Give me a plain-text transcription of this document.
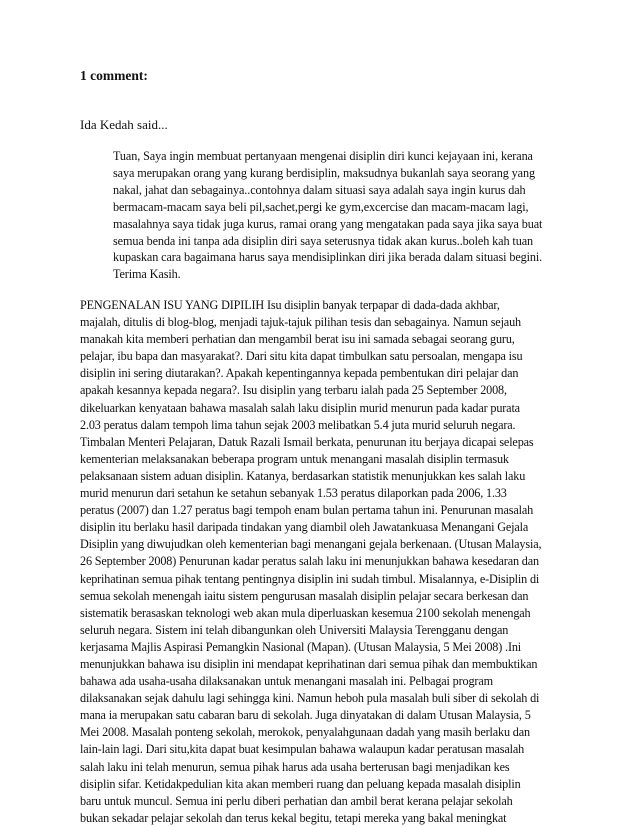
1 comment:

Ida Kedah said...

Tuan, Saya ingin membuat pertanyaan mengenai disiplin diri kunci kejayaan ini, kerana
saya merupakan orang yang kurang berdisiplin, maksudnya bukanlah saya seorang yang
nakal, jahat dan sebagainya..contohnya dalam situasi saya adalah saya ingin kurus dah
bermacam-macam saya beli pil,sachet,pergi ke gym,excercise dan macam-macam lagi,
masalahnya saya tidak juga kurus, ramai orang yang mengatakan pada saya jika saya buat
semua benda ini tanpa ada disiplin diri saya seterusnya tidak akan kurus..boleh kah tuan
kupaskan cara bagaimana harus saya mendisiplinkan diri jika berada dalam situasi begini.
Terima Kasih.
PENGENALAN ISU YANG DIPILIH Isu disiplin banyak terpapar di dada-dada akhbar,
majalah, ditulis di blog-blog, menjadi tajuk-tajuk pilihan tesis dan sebagainya. Namun sejauh
manakah kita memberi perhatian dan mengambil berat isu ini samada sebagai seorang guru,
pelajar, ibu bapa dan masyarakat?. Dari situ kita dapat timbulkan satu persoalan, mengapa isu
disiplin ini sering diutarakan?. Apakah kepentingannya kepada pembentukan diri pelajar dan
apakah kesannya kepada negara?. Isu disiplin yang terbaru ialah pada 25 September 2008,
dikeluarkan kenyataan bahawa masalah salah laku disiplin murid menurun pada kadar purata
2.03 peratus dalam tempoh lima tahun sejak 2003 melibatkan 5.4 juta murid seluruh negara.
Timbalan Menteri Pelajaran, Datuk Razali Ismail berkata, penurunan itu berjaya dicapai selepas
kementerian melaksanakan beberapa program untuk menangani masalah disiplin termasuk
pelaksanaan sistem aduan disiplin. Katanya, berdasarkan statistik menunjukkan kes salah laku
murid menurun dari setahun ke setahun sebanyak 1.53 peratus dilaporkan pada 2006, 1.33
peratus (2007) dan 1.27 peratus bagi tempoh enam bulan pertama tahun ini. Penurunan masalah
disiplin itu berlaku hasil daripada tindakan yang diambil oleh Jawatankuasa Menangani Gejala
Disiplin yang diwujudkan oleh kementerian bagi menangani gejala berkenaan. (Utusan Malaysia,
26 September 2008) Penurunan kadar peratus salah laku ini menunjukkan bahawa kesedaran dan
keprihatinan semua pihak tentang pentingnya disiplin ini sudah timbul. Misalannya, e-Disiplin di
semua sekolah menengah iaitu sistem pengurusan masalah disiplin pelajar secara berkesan dan
sistematik berasaskan teknologi web akan mula diperluaskan kesemua 2100 sekolah menengah
seluruh negara. Sistem ini telah dibangunkan oleh Universiti Malaysia Terengganu dengan
kerjasama Majlis Aspirasi Pemangkin Nasional (Mapan). (Utusan Malaysia, 5 Mei 2008) .Ini
menunjukkan bahawa isu disiplin ini mendapat keprihatinan dari semua pihak dan membuktikan
bahawa ada usaha-usaha dilaksanakan untuk menangani masalah ini. Pelbagai program
dilaksanakan sejak dahulu lagi sehingga kini. Namun heboh pula masalah buli siber di sekolah di
mana ia merupakan satu cabaran baru di sekolah. Juga dinyatakan di dalam Utusan Malaysia, 5
Mei 2008. Masalah ponteng sekolah, merokok, penyalahgunaan dadah yang masih berlaku dan
lain-lain lagi. Dari situ,kita dapat buat kesimpulan bahawa walaupun kadar peratusan masalah
salah laku ini telah menurun, semua pihak harus ada usaha berterusan bagi menjadikan kes
disiplin sifar. Ketidakpedulian kita akan memberi ruang dan peluang kepada masalah disiplin
baru untuk muncul. Semua ini perlu diberi perhatian dan ambil berat kerana pelajar sekolah
bukan sekadar pelajar sekolah dan terus kekal begitu, tetapi mereka yang bakal meningkat
